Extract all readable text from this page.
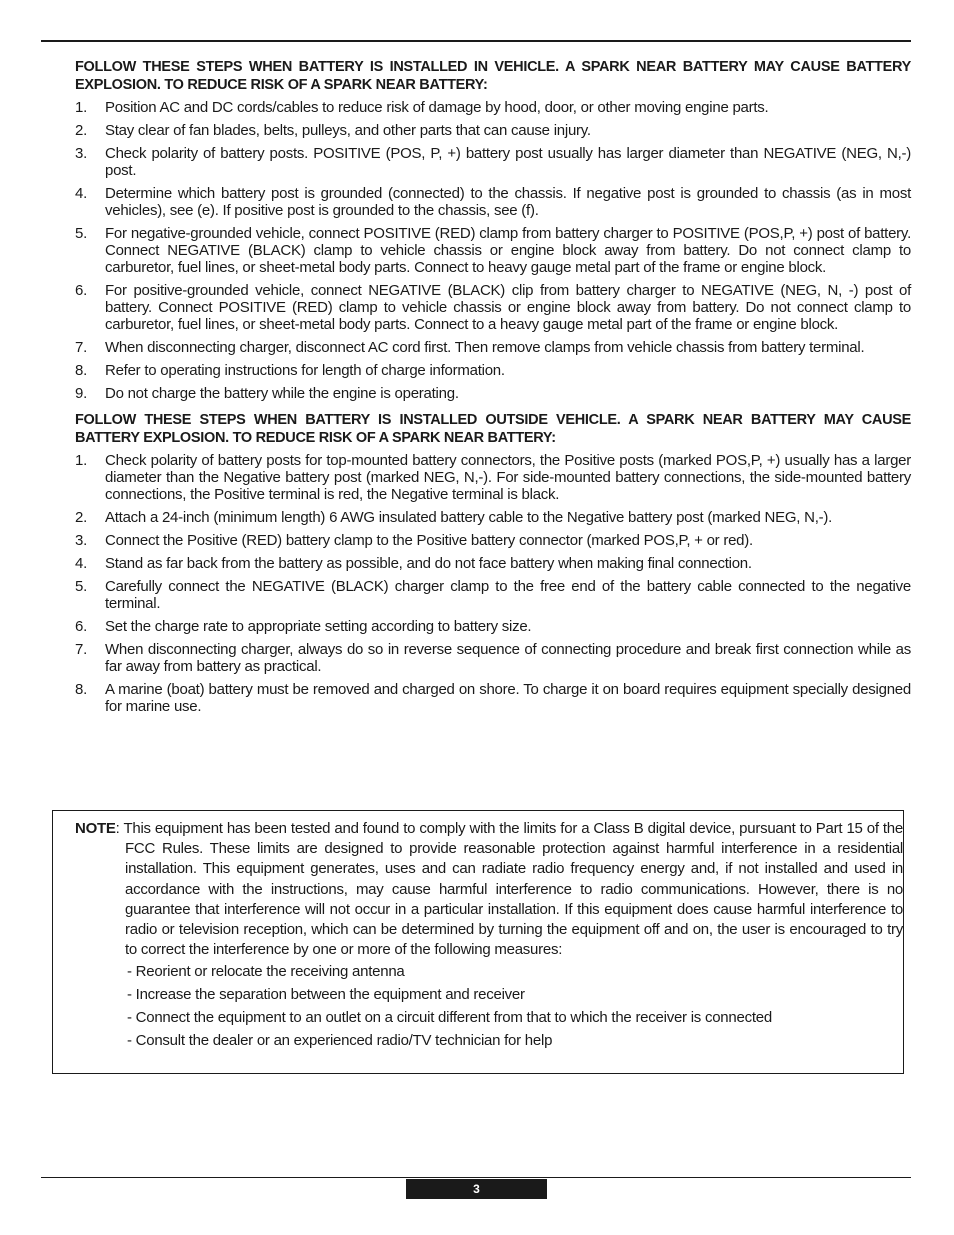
FOLLOW THESE STEPS WHEN BATTERY IS INSTALLED IN VEHICLE. A SPARK NEAR BATTERY MAY CAUSE BATTERY EXPLOSION. TO REDUCE RISK OF A SPARK NEAR BATTERY:

1. Position AC and DC cords/cables to reduce risk of damage by hood, door, or other moving engine parts.
2. Stay clear of fan blades, belts, pulleys, and other parts that can cause injury.
3. Check polarity of battery posts. POSITIVE (POS, P, +) battery post usually has larger diameter than NEGATIVE (NEG, N,-) post.
4. Determine which battery post is grounded (connected) to the chassis. If negative post is grounded to chassis (as in most vehicles), see (e). If positive post is grounded to the chassis, see (f).
5. For negative-grounded vehicle, connect POSITIVE (RED) clamp from battery charger to POSITIVE (POS,P, +) post of battery. Connect NEGATIVE (BLACK) clamp to vehicle chassis or engine block away from battery. Do not connect clamp to carburetor, fuel lines, or sheet-metal body parts. Connect to heavy gauge metal part of the frame or engine block.
6. For positive-grounded vehicle, connect NEGATIVE (BLACK) clip from battery charger to NEGATIVE (NEG, N, -) post of battery. Connect POSITIVE (RED) clamp to vehicle chassis or engine block away from battery. Do not connect clamp to carburetor, fuel lines, or sheet-metal body parts. Connect to a heavy gauge metal part of the frame or engine block.
7. When disconnecting charger, disconnect AC cord first. Then remove clamps from vehicle chassis from battery terminal.
8. Refer to operating instructions for length of charge information.
9. Do not charge the battery while the engine is operating.

FOLLOW THESE STEPS WHEN BATTERY IS INSTALLED OUTSIDE VEHICLE. A SPARK NEAR BATTERY MAY CAUSE BATTERY EXPLOSION. TO REDUCE RISK OF A SPARK NEAR BATTERY:

1. Check polarity of battery posts for top-mounted battery connectors, the Positive posts (marked POS,P, +) usually has a larger diameter than the Negative battery post (marked NEG, N,-). For side-mounted battery connections, the side-mounted battery connections, the Positive terminal is red, the Negative terminal is black.
2. Attach a 24-inch (minimum length) 6 AWG insulated battery cable to the Negative battery post (marked NEG, N,-).
3. Connect the Positive (RED) battery clamp to the Positive battery connector (marked POS,P, + or red).
4. Stand as far back from the battery as possible, and do not face battery when making final connection.
5. Carefully connect the NEGATIVE (BLACK) charger clamp to the free end of the battery cable connected to the negative terminal.
6. Set the charge rate to appropriate setting according to battery size.
7. When disconnecting charger, always do so in reverse sequence of connecting procedure and break first connection while as far away from battery as practical.
8. A marine (boat) battery must be removed and charged on shore. To charge it on board requires equipment specially designed for marine use.
NOTE: This equipment has been tested and found to comply with the limits for a Class B digital device, pursuant to Part 15 of the FCC Rules. These limits are designed to provide reasonable protection against harmful interference in a residential installation. This equipment generates, uses and can radiate radio frequency energy and, if not installed and used in accordance with the instructions, may cause harmful interference to radio communications. However, there is no guarantee that interference will not occur in a particular installation. If this equipment does cause harmful interference to radio or television reception, which can be determined by turning the equipment off and on, the user is encouraged to try to correct the interference by one or more of the following measures:
- Reorient or relocate the receiving antenna
- Increase the separation between the equipment and receiver
- Connect the equipment to an outlet on a circuit different from that to which the receiver is connected
- Consult the dealer or an experienced radio/TV technician for help
3
